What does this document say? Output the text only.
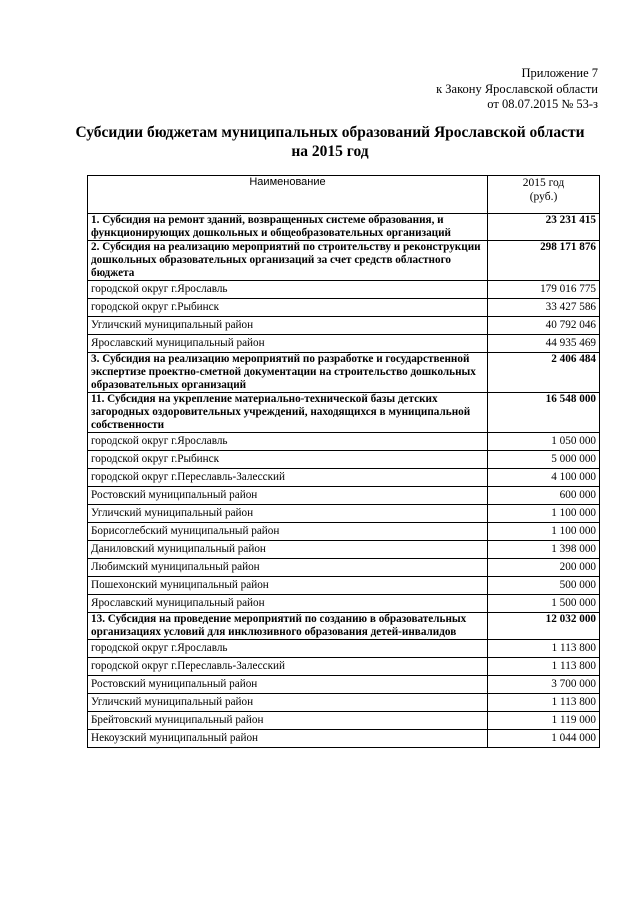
Приложение 7
к Закону Ярославской области
от 08.07.2015 № 53-з
Субсидии бюджетам муниципальных образований Ярославской области
на 2015 год
Наименование	2015 год
(руб.)

1. Субсидия на ремонт зданий, возвращенных системе образования, и функционирующих дошкольных и общеобразовательных организаций	23 231 415
2. Субсидия на реализацию мероприятий по строительству и реконструкции дошкольных образовательных организаций за счет средств областного бюджета	298 171 876
городской округ г.Ярославль	179 016 775
городской округ г.Рыбинск	33 427 586
Угличский муниципальный район	40 792 046
Ярославский муниципальный район	44 935 469
3. Субсидия на реализацию мероприятий по разработке и государственной экспертизе проектно-сметной документации на строительство дошкольных образовательных организаций	2 406 484
11. Субсидия на укрепление материально-технической базы детских загородных оздоровительных учреждений, находящихся в муниципальной собственности	16 548 000
городской округ г.Ярославль	1 050 000
городской округ г.Рыбинск	5 000 000
городской округ г.Переславль-Залесский	4 100 000
Ростовский муниципальный район	600 000
Угличский муниципальный район	1 100 000
Борисоглебский муниципальный район	1 100 000
Даниловский муниципальный район	1 398 000
Любимский муниципальный район	200 000
Пошехонский муниципальный район	500 000
Ярославский муниципальный район	1 500 000
13. Субсидия на проведение мероприятий по созданию в образовательных организациях условий для инклюзивного образования детей-инвалидов	12 032 000
городской округ г.Ярославль	1 113 800
городской округ г.Переславль-Залесский	1 113 800
Ростовский муниципальный район	3 700 000
Угличский муниципальный район	1 113 800
Брейтовский муниципальный район	1 119 000
Некоузский муниципальный район	1 044 000
